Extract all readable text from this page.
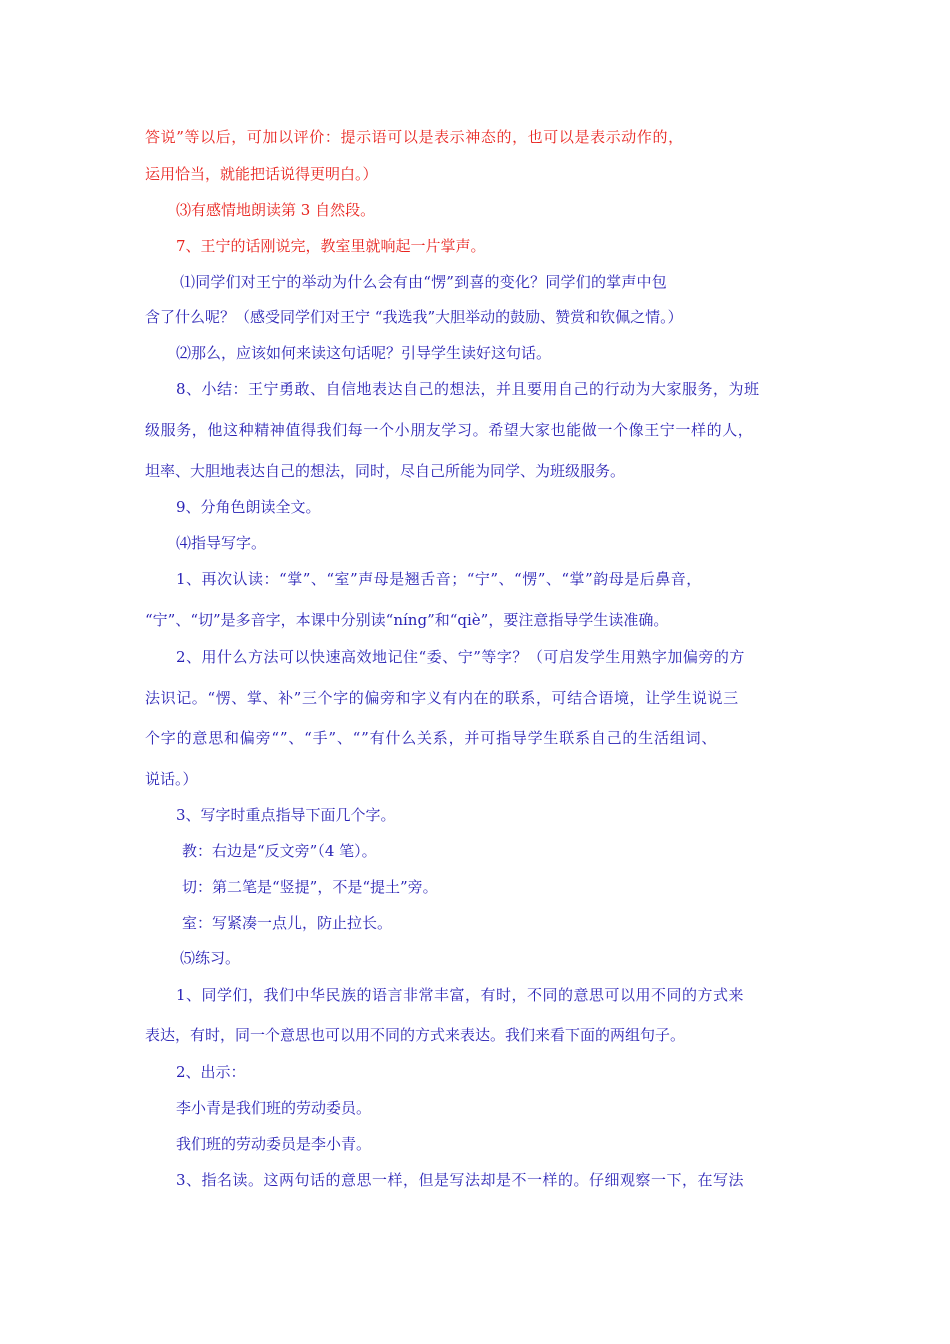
答说”等以后，可加以评价：提示语可以是表示神态的，也可以是表示动作的，
运用恰当，就能把话说得更明白。）
⑶有感情地朗读第 3 自然段。
7、王宁的话刚说完，教室里就响起一片掌声。
⑴同学们对王宁的举动为什么会有由“愣”到喜的变化？同学们的掌声中包
含了什么呢？（感受同学们对王宁 “我选我”大胆举动的鼓励、赞赏和钦佩之情。）
⑵那么，应该如何来读这句话呢？引导学生读好这句话。
8、小结：王宁勇敢、自信地表达自己的想法，并且要用自己的行动为大家服务，为班
级服务，他这种精神值得我们每一个小朋友学习。希望大家也能做一个像王宁一样的人，
坦率、大胆地表达自己的想法，同时，尽自己所能为同学、为班级服务。
9、分角色朗读全文。
⑷指导写字。
1、再次认读：“掌”、“室”声母是翘舌音；“宁”、“愣”、“掌”韵母是后鼻音，
“宁”、“切”是多音字，本课中分别读“níng”和“qiè”，要注意指导学生读准确。
2、用什么方法可以快速高效地记住“委、宁”等字？（可启发学生用熟字加偏旁的方
法识记。“愣、掌、补”三个字的偏旁和字义有内在的联系，可结合语境，让学生说说三
个字的意思和偏旁“”、“手”、“”有什么关系，并可指导学生联系自己的生活组词、
说话。）
3、写字时重点指导下面几个字。
教：右边是“反文旁”（4 笔）。
切：第二笔是“竖提”，不是“提土”旁。
室：写紧凑一点儿，防止拉长。
⑸练习。
1、同学们，我们中华民族的语言非常丰富，有时，不同的意思可以用不同的方式来
表达，有时，同一个意思也可以用不同的方式来表达。我们来看下面的两组句子。
2、出示：
李小青是我们班的劳动委员。
我们班的劳动委员是李小青。
3、指名读。这两句话的意思一样，但是写法却是不一样的。仔细观察一下，在写法
